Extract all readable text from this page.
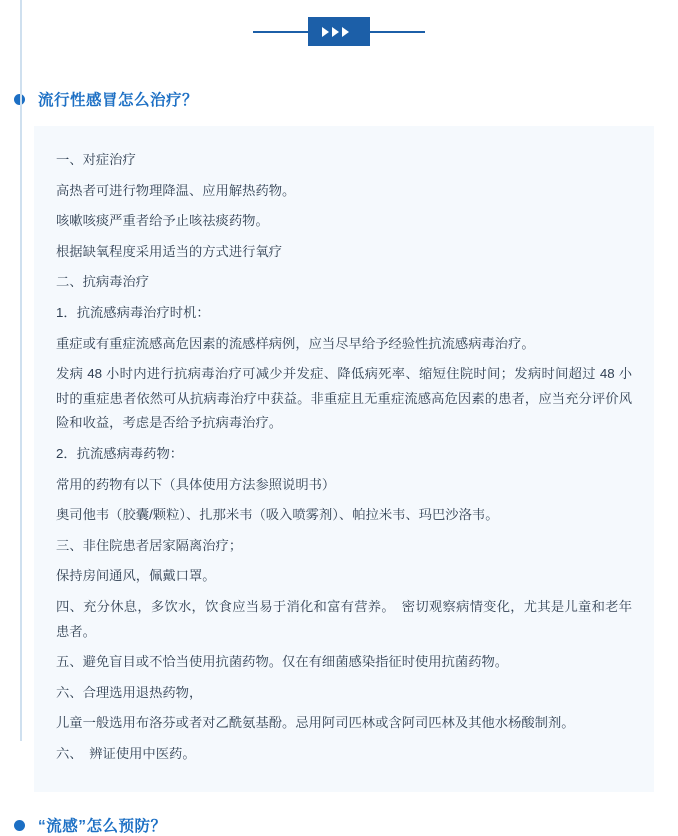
流行性感冒怎么治疗？

一、对症治疗

高热者可进行物理降温、应用解热药物。

咳嗽咳痰严重者给予止咳祛痰药物。

根据缺氧程度采用适当的方式进行氧疗

二、抗病毒治疗

1．抗流感病毒治疗时机：

重症或有重症流感高危因素的流感样病例，应当尽早给予经验性抗流感病毒治疗。

发病 48 小时内进行抗病毒治疗可减少并发症、降低病死率、缩短住院时间；发病时间超过 48 小时的重症患者依然可从抗病毒治疗中获益。非重症且无重症流感高危因素的患者，应当充分评价风险和收益，考虑是否给予抗病毒治疗。

2．抗流感病毒药物：

常用的药物有以下（具体使用方法参照说明书）

奥司他韦（胶囊/颗粒）、扎那米韦（吸入喷雾剂）、帕拉米韦、玛巴沙洛韦。

三、非住院患者居家隔离治疗；

保持房间通风，佩戴口罩。

四、充分休息，多饮水，饮食应当易于消化和富有营养。　密切观察病情变化，尤其是儿童和老年患者。

五、避免盲目或不恰当使用抗菌药物。仅在有细菌感染指征时使用抗菌药物。

六、合理选用退热药物，

儿童一般选用布洛芬或者对乙酰氨基酚。忌用阿司匹林或含阿司匹林及其他水杨酸制剂。

六、　辨证使用中医药。

“流感”怎么预防？
